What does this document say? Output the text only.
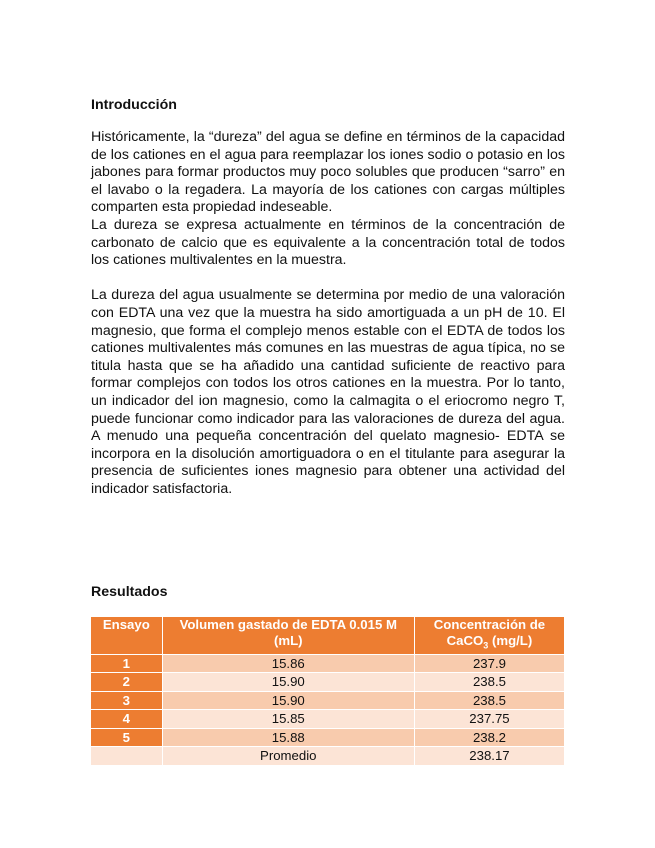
Introducción

Históricamente, la “dureza” del agua se define en términos de la capacidad de los cationes en el agua para reemplazar los iones sodio o potasio en los jabones para formar productos muy poco solubles que producen “sarro” en el lavabo o la regadera. La mayoría de los cationes con cargas múltiples comparten esta propiedad indeseable.

La dureza se expresa actualmente en términos de la concentración de carbonato de calcio que es equivalente a la concentración total de todos los cationes multivalentes en la muestra.

La dureza del agua usualmente se determina por medio de una valoración con EDTA una vez que la muestra ha sido amortiguada a un pH de 10. El magnesio, que forma el complejo menos estable con el EDTA de todos los cationes multivalentes más comunes en las muestras de agua típica, no se titula hasta que se ha añadido una cantidad suficiente de reactivo para formar complejos con todos los otros cationes en la muestra. Por lo tanto, un indicador del ion magnesio, como la calmagita o el eriocromo negro T, puede funcionar como indicador para las valoraciones de dureza del agua. A menudo una pequeña concentración del quelato magnesio- EDTA se incorpora en la disolución amortiguadora o en el titulante para asegurar la presencia de suficientes iones magnesio para obtener una actividad del indicador satisfactoria.

Resultados
Ensayo	Volumen gastado de EDTA 0.015 M (mL)	Concentración de CaCO$_3$ (mg/L)
1	15.86	237.9
2	15.90	238.5
3	15.90	238.5
4	15.85	237.75
5	15.88	238.2
	Promedio	238.17
